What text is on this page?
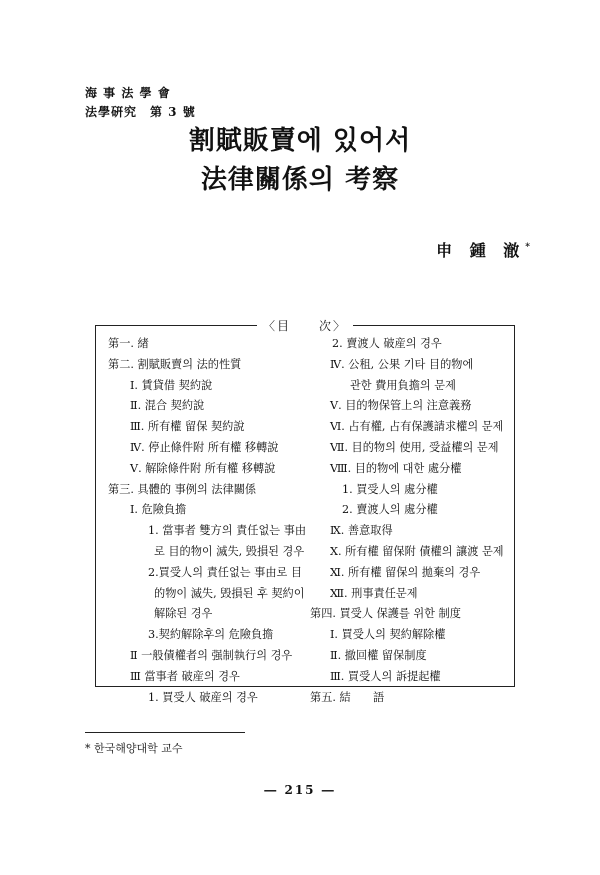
海 事 法 學 會
法學硏究　第 3 號
割賦販賣에 있어서
法律關係의 考察
申 鍾 澈*
〈目　　次〉
第一. 緖
第二. 割賦販賣의 法的性質
Ⅰ. 賃貸借 契約說
Ⅱ. 混合 契約說
Ⅲ. 所有權 留保 契約說
Ⅳ. 停止條件附 所有權 移轉說
Ⅴ. 解除條件附 所有權 移轉說
第三. 具體的 事例의 法律關係
Ⅰ. 危險負擔
1. 當事者 雙方의 責任없는 事由
로 目的物이 滅失, 毁損된 경우
2.買受人의 責任없는 事由로 目
的物이 滅失, 毁損된 후 契約이
解除된 경우
3.契約解除후의 危險負擔
Ⅱ 一般債權者의 强制執行의 경우
Ⅲ 當事者 破産의 경우
1. 買受人 破産의 경우
2. 賣渡人 破産의 경우
Ⅳ. 公租, 公果 기타 目的物에
관한 費用負擔의 문제
Ⅴ. 目的物保管上의 注意義務
Ⅵ. 占有權, 占有保護請求權의 문제
Ⅶ. 目的物의 使用, 受益權의 문제
Ⅷ. 目的物에 대한 處分權
1. 買受人의 處分權
2. 賣渡人의 處分權
Ⅸ. 善意取得
Ⅹ. 所有權 留保附 債權의 讓渡 문제
Ⅺ. 所有權 留保의 拋棄의 경우
Ⅻ. 刑事責任문제
第四. 買受人 保護를 위한 制度
Ⅰ. 買受人의 契約解除權
Ⅱ. 撤回權 留保制度
Ⅲ. 買受人의 訴提起權
第五. 結　　語
* 한국해양대학 교수
― 215 ―
